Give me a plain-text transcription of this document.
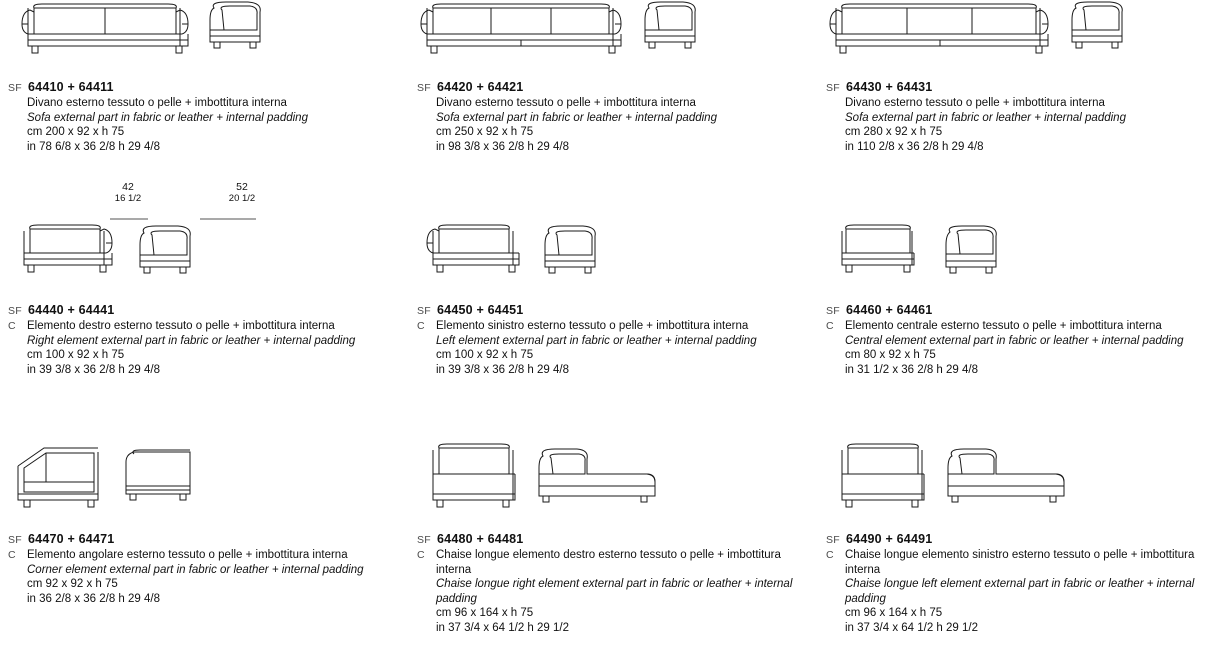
SF 64410 + 64411
Divano esterno tessuto o pelle + imbottitura interna
Sofa external part in fabric or leather + internal padding
cm 200 x 92 x h 75
in 78 6/8 x 36 2/8 h 29 4/8
SF 64420 + 64421
Divano esterno tessuto o pelle + imbottitura interna
Sofa external part in fabric or leather + internal padding
cm 250 x 92 x h 75
in 98 3/8 x 36 2/8 h 29 4/8
SF 64430 + 64431
Divano esterno tessuto o pelle + imbottitura interna
Sofa external part in fabric or leather + internal padding
cm 280 x 92 x h 75
in 110 2/8 x 36 2/8 h 29 4/8
42
16 1/2
52
20 1/2
SF 64440 + 64441
C Elemento destro esterno tessuto o pelle + imbottitura interna
Right element external part in fabric or leather + internal padding
cm 100 x 92 x h 75
in 39 3/8 x 36 2/8 h 29 4/8
SF 64450 + 64451
C Elemento sinistro esterno tessuto o pelle + imbottitura interna
Left element external part in fabric or leather + internal padding
cm 100 x 92 x h 75
in 39 3/8 x 36 2/8 h 29 4/8
SF 64460 + 64461
C Elemento centrale esterno tessuto o pelle + imbottitura interna
Central element external part in fabric or leather + internal padding
cm 80 x 92 x h 75
in 31 1/2 x 36 2/8 h 29 4/8
SF 64470 + 64471
C Elemento angolare esterno tessuto o pelle + imbottitura interna
Corner element external part in fabric or leather + internal padding
cm 92 x 92 x h 75
in 36 2/8 x 36 2/8 h 29 4/8
SF 64480 + 64481
C Chaise longue elemento destro esterno tessuto o pelle + imbottitura interna
Chaise longue right element external part in fabric or leather + internal padding
cm 96 x 164 x h 75
in 37 3/4 x 64 1/2 h 29 1/2
SF 64490 + 64491
C Chaise longue elemento sinistro esterno tessuto o pelle + imbottitura interna
Chaise longue left element external part in fabric or leather + internal padding
cm 96 x 164 x h 75
in 37 3/4 x 64 1/2 h 29 1/2
